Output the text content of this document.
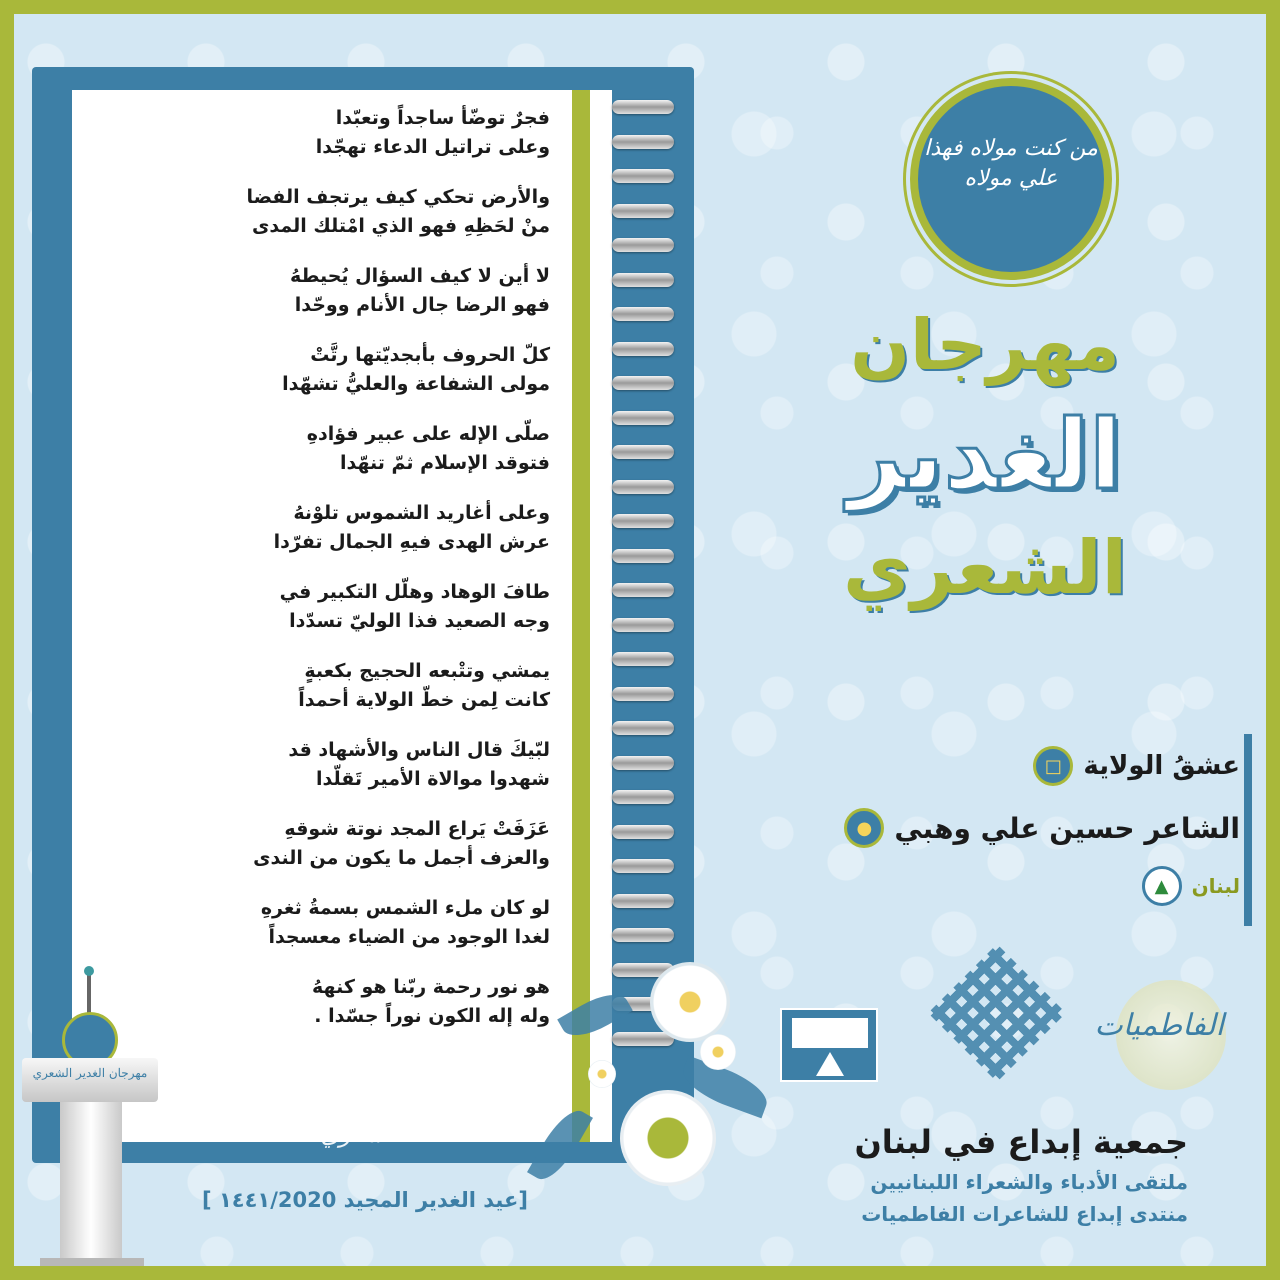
فجرٌ توضّأ ساجداً وتعبّدا
وعلى تراتيل الدعاء تهجّدا
والأرض تحكي كيف يرتجف الفضا
منْ لحَظِهِ فهو الذي امْتلك المدى
لا أين لا كيف السؤال يُحيطهُ
فهو الرضا جال الأنام ووحّدا
كلّ الحروف بأبجديّتها رتَّتْ
مولى الشفاعة والعليُّ تشهّدا
صلّى الإله على عبير فؤادهِ
فتوقد الإسلام ثمّ تنهّدا
وعلى أغاريد الشموس تلوْنهُ
عرش الهدى فيهِ الجمال تفرّدا
طافَ الوهاد وهلّل التكبير في
وجه الصعيد فذا الوليّ تسدّدا
يمشي وتتْبعه الحجيج بكعبةٍ
كانت لِمن خطّ الولاية أحمداً
لبّيكَ قال الناس والأشهاد قد
شهدوا موالاة الأمير تَقلّدا
عَزَفَتْ يَراع المجد نوتة شوقهِ
والعزف أجمل ما يكون من الندى
لو كان ملء الشمس بسمةُ ثغرهِ
لغدا الوجود من الضياء معسجداً
هو نور رحمة ربّنا هو كنههُ
وله إله الكون نوراً جسّدا .
مهرجان الغدير الشعري
[عيد الغدير المجيد ١٤٤١/2020 ]
مهرجان الغدير الشعري
من كنت مولاه فهذا علي مولاه
مهرجان
الغدير
الشعري
□ عشقُ الولاية
● الشاعر حسين علي وهبي
▲	لبنان
الفاطميات
جمعية إبداع في لبنان
ملتقى الأدباء والشعراء اللبنانيين
منتدى إبداع للشاعرات الفاطميات
